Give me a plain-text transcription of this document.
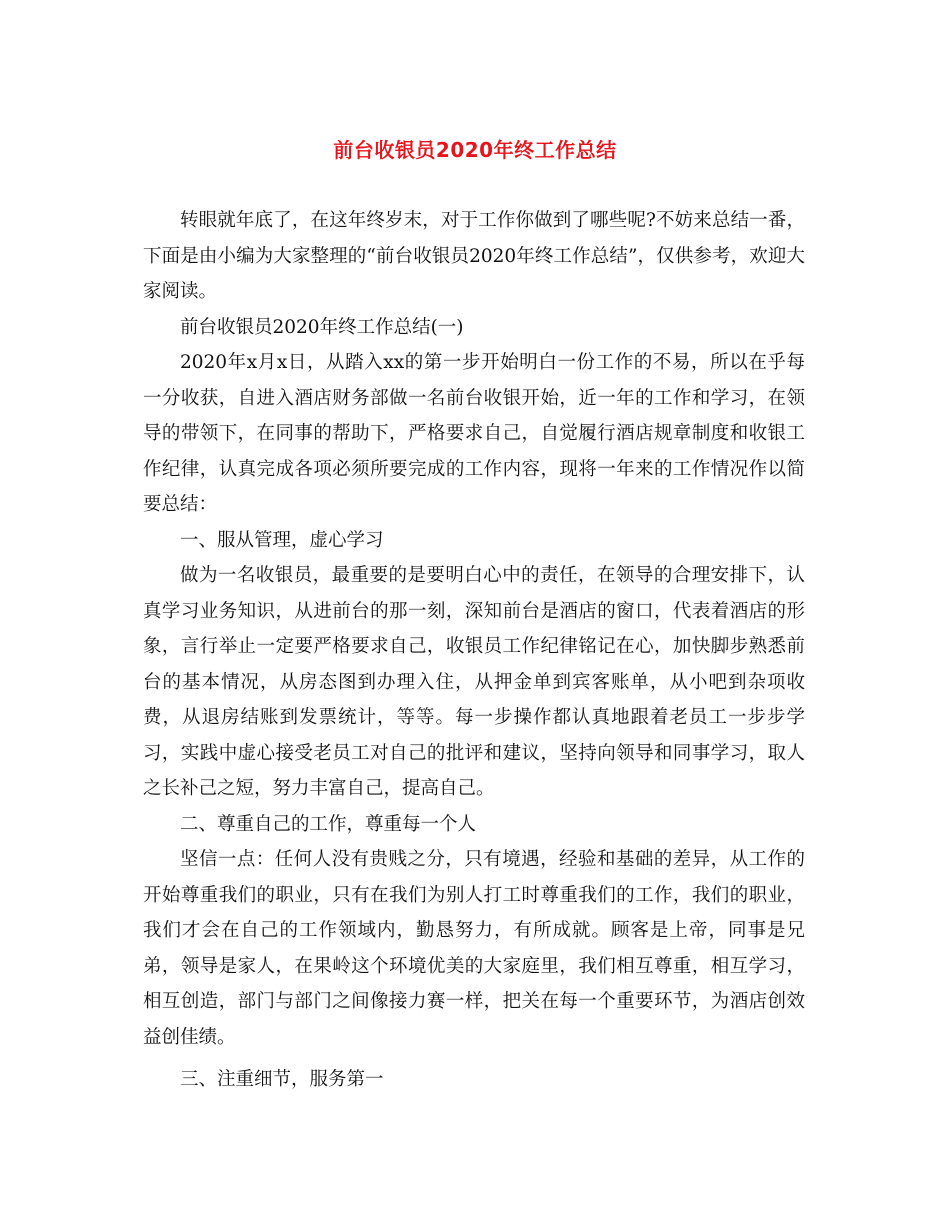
前台收银员2020年终工作总结

转眼就年底了，在这年终岁末，对于工作你做到了哪些呢?不妨来总结一番，下面是由小编为大家整理的“前台收银员2020年终工作总结”，仅供参考，欢迎大家阅读。

前台收银员2020年终工作总结(一)

2020年x月x日，从踏入xx的第一步开始明白一份工作的不易，所以在乎每一分收获，自进入酒店财务部做一名前台收银开始，近一年的工作和学习，在领导的带领下，在同事的帮助下，严格要求自己，自觉履行酒店规章制度和收银工作纪律，认真完成各项必须所要完成的工作内容，现将一年来的工作情况作以简要总结：

一、服从管理，虚心学习

做为一名收银员，最重要的是要明白心中的责任，在领导的合理安排下，认真学习业务知识，从进前台的那一刻，深知前台是酒店的窗口，代表着酒店的形象，言行举止一定要严格要求自己，收银员工作纪律铭记在心，加快脚步熟悉前台的基本情况，从房态图到办理入住，从押金单到宾客账单，从小吧到杂项收费，从退房结账到发票统计，等等。每一步操作都认真地跟着老员工一步步学习，实践中虚心接受老员工对自己的批评和建议，坚持向领导和同事学习，取人之长补己之短，努力丰富自己，提高自己。

二、尊重自己的工作，尊重每一个人

坚信一点：任何人没有贵贱之分，只有境遇，经验和基础的差异，从工作的开始尊重我们的职业，只有在我们为别人打工时尊重我们的工作，我们的职业，我们才会在自己的工作领域内，勤恳努力，有所成就。顾客是上帝，同事是兄弟，领导是家人，在果岭这个环境优美的大家庭里，我们相互尊重，相互学习，相互创造，部门与部门之间像接力赛一样，把关在每一个重要环节，为酒店创效益创佳绩。

三、注重细节，服务第一
